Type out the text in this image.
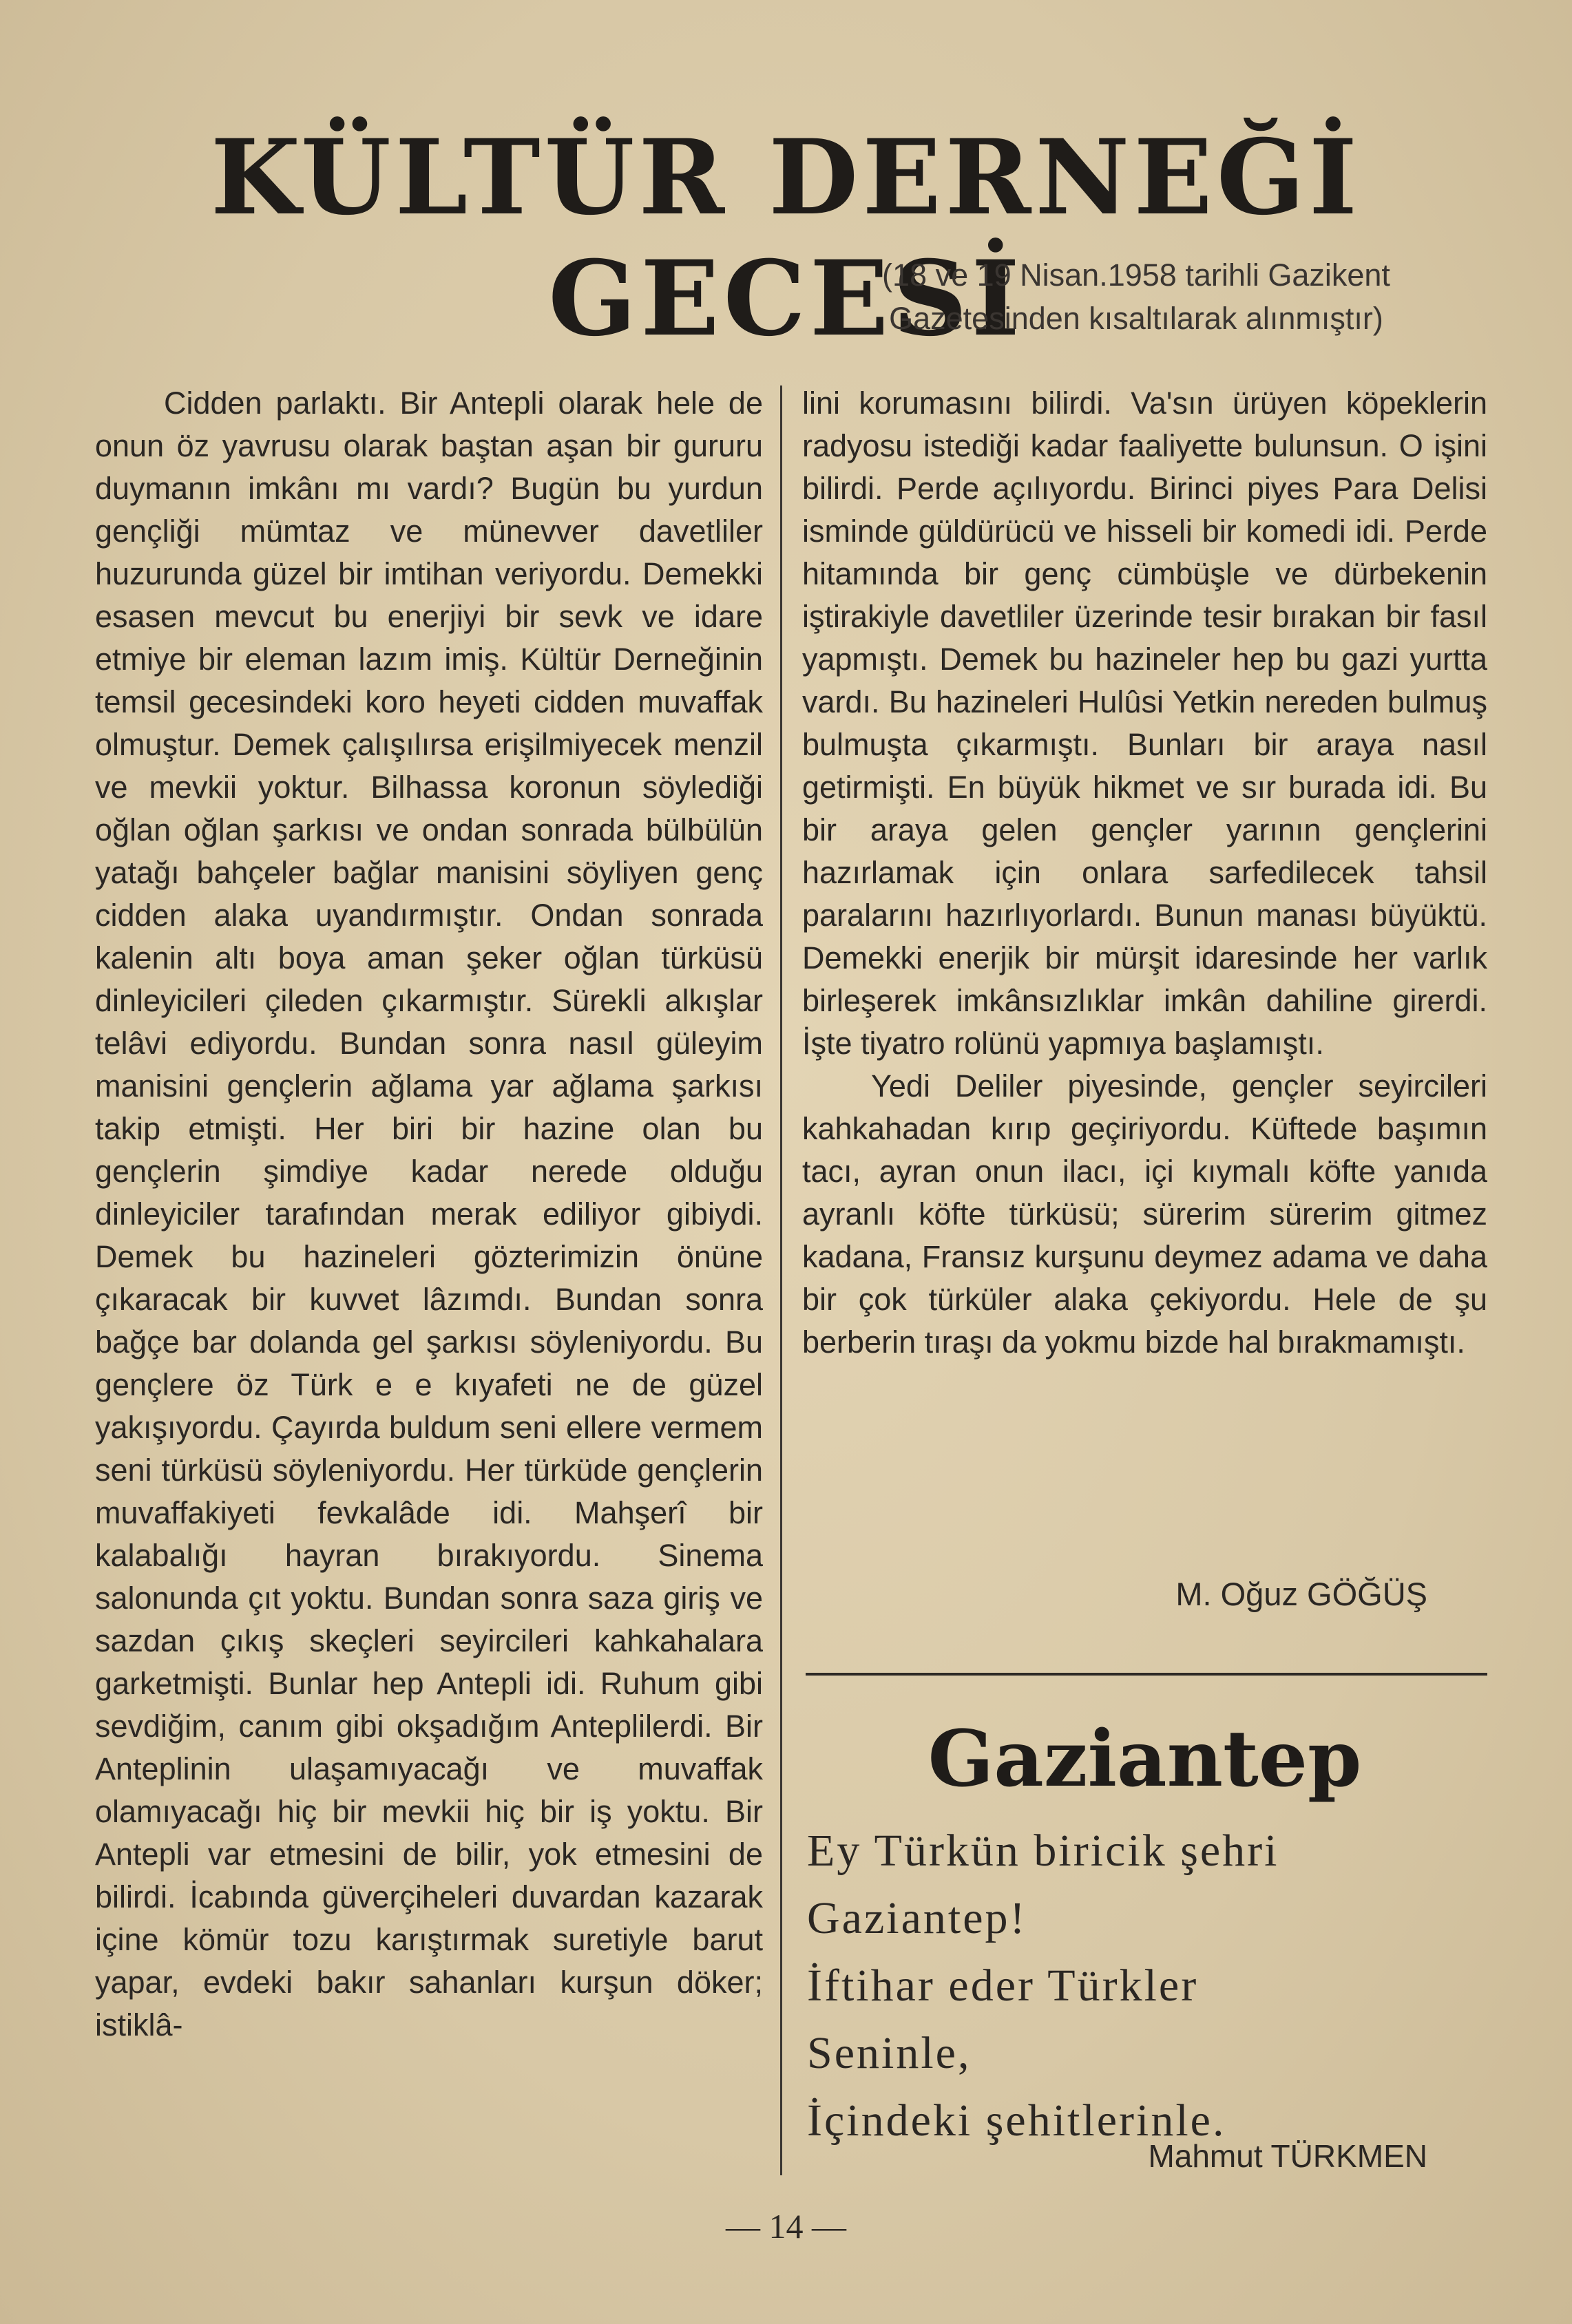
KÜLTÜR DERNEĞİ GECESİ
(18 ve 19 Nisan.1958 tarihli Gazikent Gazetesinden kısaltılarak alınmıştır)

Cidden parlaktı. Bir Antepli olarak hele de onun öz yavrusu olarak baştan aşan bir gururu duymanın imkânı mı vardı? Bugün bu yurdun gençliği mümtaz ve münevver davetliler huzurunda güzel bir imtihan veriyordu. Demekki esasen mevcut bu enerjiyi bir sevk ve idare etmiye bir eleman lazım imiş. Kültür Derneğinin temsil gecesindeki koro heyeti cidden muvaffak olmuştur. Demek çalışılırsa erişilmiyecek menzil ve mevkii yoktur. Bilhassa koronun söylediği oğlan oğlan şarkısı ve ondan sonrada bülbülün yatağı bahçeler bağlar manisini söyliyen genç cidden alaka uyandırmıştır. Ondan sonrada kalenin altı boya aman şeker oğlan türküsü dinleyicileri çileden çıkarmıştır. Sürekli alkışlar telâvi ediyordu. Bundan sonra nasıl güleyim manisini gençlerin ağlama yar ağlama şarkısı takip etmişti. Her biri bir hazine olan bu gençlerin şimdiye kadar nerede olduğu dinleyiciler tarafından merak ediliyor gibiydi. Demek bu hazineleri gözterimizin önüne çıkaracak bir kuvvet lâzımdı. Bundan sonra bağçe bar dolanda gel şarkısı söyleniyordu. Bu gençlere öz Türk e e kıyafeti ne de güzel yakışıyordu. Çayırda buldum seni ellere vermem seni türküsü söyleniyordu. Her türküde gençlerin muvaffakiyeti fevkalâde idi. Mahşerî bir kalabalığı hayran bırakıyordu. Sinema salonunda çıt yoktu. Bundan sonra saza giriş ve sazdan çıkış skeçleri seyircileri kahkahalara garketmişti. Bunlar hep Antepli idi. Ruhum gibi sevdiğim, canım gibi okşadığım Anteplilerdi. Bir Anteplinin ulaşamıyacağı ve muvaffak olamıyacağı hiç bir mevkii hiç bir iş yoktu. Bir Antepli var etmesini de bilir, yok etmesini de bilirdi. İcabında güverçiheleri duvardan kazarak içine kömür tozu karıştırmak suretiyle barut yapar, evdeki bakır sahanları kurşun döker; istiklâ-

lini korumasını bilirdi. Va'sın ürüyen köpeklerin radyosu istediği kadar faaliyette bulunsun. O işini bilirdi. Perde açılıyordu. Birinci piyes Para Delisi isminde güldürücü ve hisseli bir komedi idi. Perde hitamında bir genç cümbüşle ve dürbekenin iştirakiyle davetliler üzerinde tesir bırakan bir fasıl yapmıştı. Demek bu hazineler hep bu gazi yurtta vardı. Bu hazineleri Hulûsi Yetkin nereden bulmuş bulmuşta çıkarmıştı. Bunları bir araya nasıl getirmişti. En büyük hikmet ve sır burada idi. Bu bir araya gelen gençler yarının gençlerini hazırlamak için onlara sarfedilecek tahsil paralarını hazırlıyorlardı. Bunun manası büyüktü. Demekki enerjik bir mürşit idaresinde her varlık birleşerek imkânsızlıklar imkân dahiline girerdi. İşte tiyatro rolünü yapmıya başlamıştı.

Yedi Deliler piyesinde, gençler seyircileri kahkahadan kırıp geçiriyordu. Küftede başımın tacı, ayran onun ilacı, içi kıymalı köfte yanıda ayranlı köfte türküsü; sürerim sürerim gitmez kadana, Fransız kurşunu deymez adama ve daha bir çok türküler alaka çekiyordu. Hele de şu berberin tıraşı da yokmu bizde hal bırakmamıştı.

M. Oğuz GÖĞÜŞ
Gaziantep
Ey Türkün biricik şehri
Gaziantep!
İftihar eder Türkler
Seninle,
İçindeki şehitlerinle.
Mahmut TÜRKMEN
— 14 —
